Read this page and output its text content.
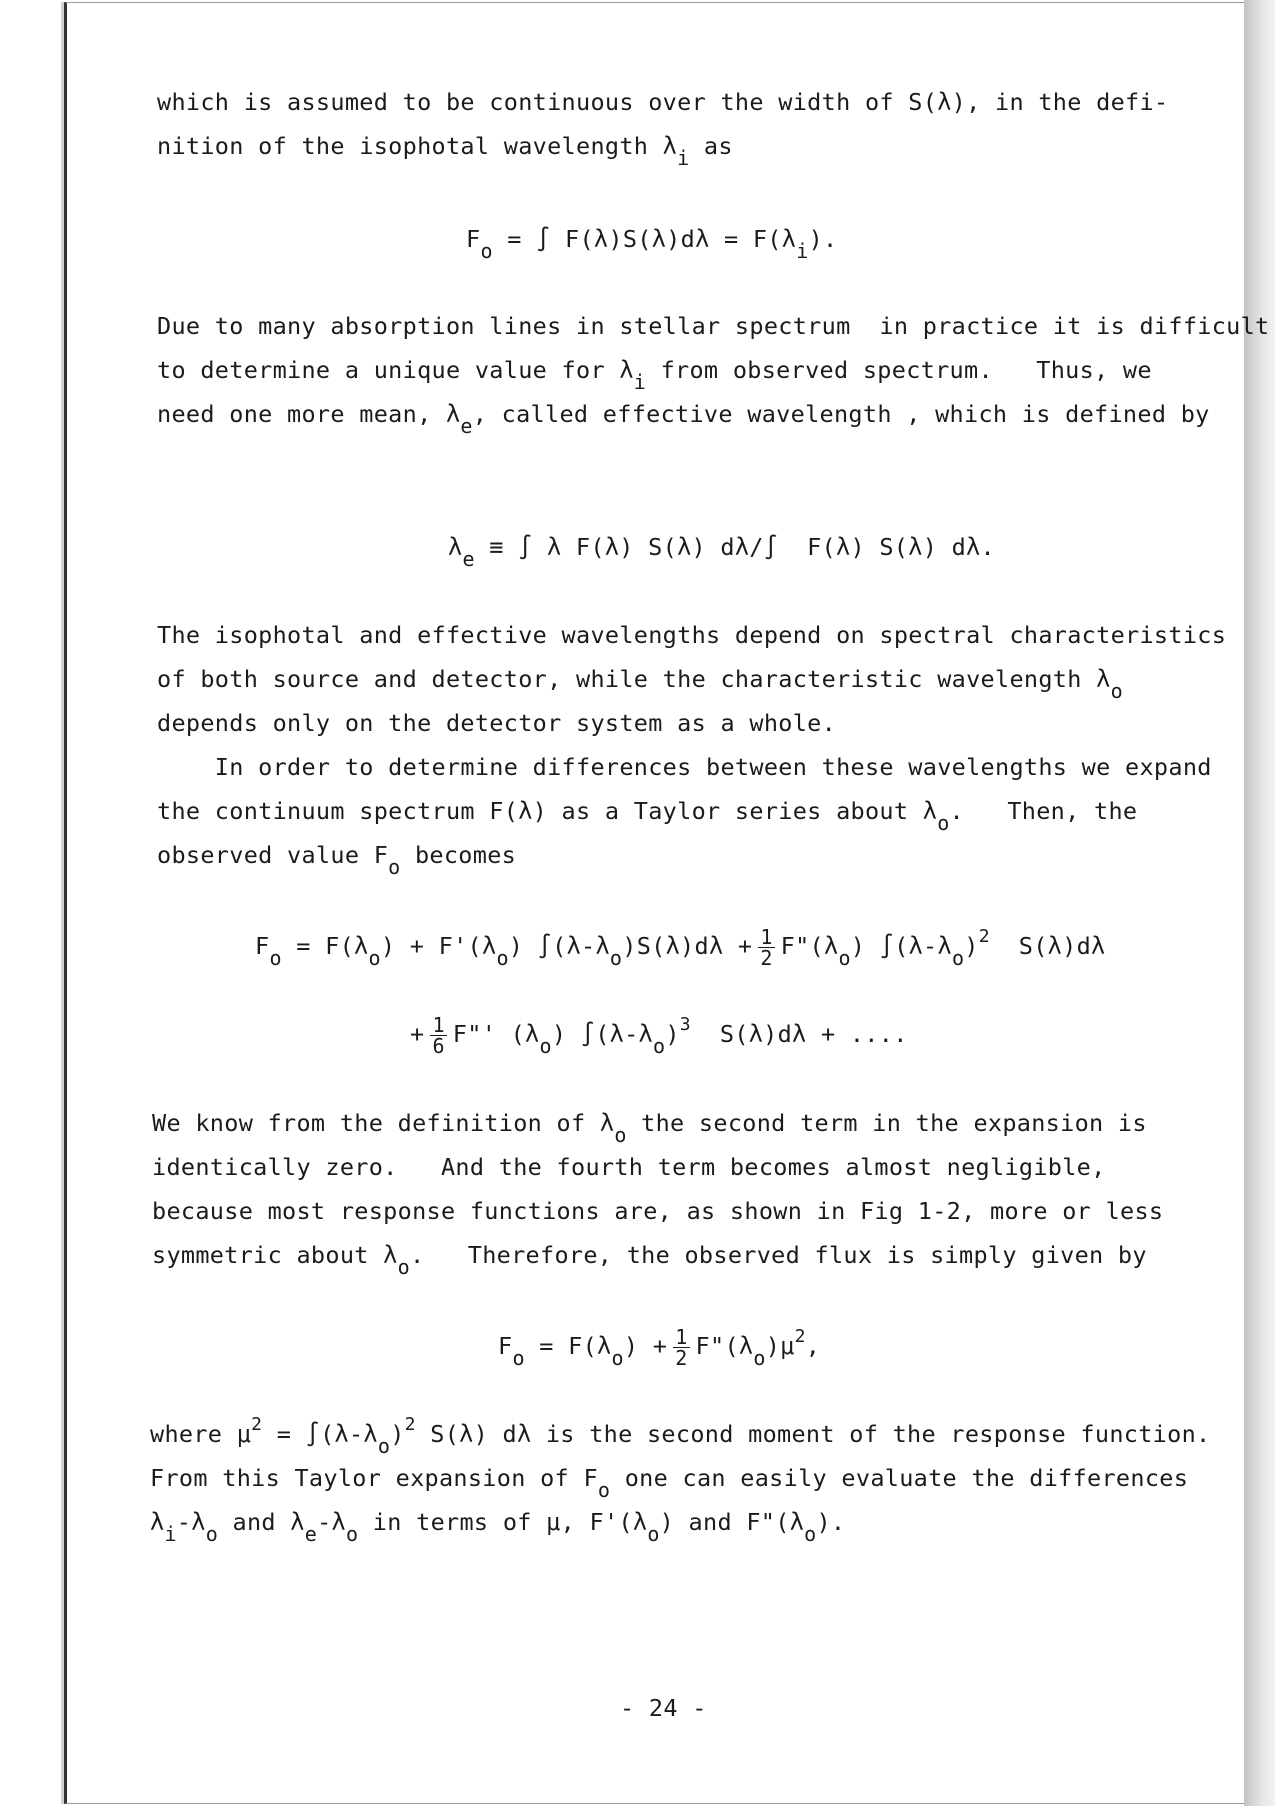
which is assumed to be continuous over the width of S(λ), in the defi-
nition of the isophotal wavelength λi as
Fo = ∫ F(λ)S(λ)dλ = F(λi).
Due to many absorption lines in stellar spectrum  in practice it is difficult
to determine a unique value for λi from observed spectrum.   Thus, we
need one more mean, λe, called effective wavelength , which is defined by
λe ≡ ∫ λ F(λ) S(λ) dλ/∫  F(λ) S(λ) dλ.
The isophotal and effective wavelengths depend on spectral characteristics
of both source and detector, while the characteristic wavelength λo
depends only on the detector system as a whole.
In order to determine differences between these wavelengths we expand
the continuum spectrum F(λ) as a Taylor series about λo.   Then, the
observed value Fo becomes
Fo = F(λo) + F'(λo) $\int(\lambda-\lambda o)S(\lambda)d\lambda + \frac{1}{2}$ F"(λo) ∫(λ-λo)2  S(λ)dλ
+ $\frac{1}{6}$ F"' (λo) ∫(λ-λo)3  S(λ)dλ + ....
We know from the definition of λo the second term in the expansion is
identically zero.   And the fourth term becomes almost negligible,
because most response functions are, as shown in Fig 1-2, more or less
symmetric about λo.   Therefore, the observed flux is simply given by
$Fo = F(\lambda o) + \frac{1}{2}$ F"(λo)μ2,
where μ2 = ∫(λ-λo)2 S(λ) dλ is the second moment of the response function.
From this Taylor expansion of Fo one can easily evaluate the differences
λi-λo and λe-λo in terms of μ, F'(λo) and F"(λo).
- 24 -
